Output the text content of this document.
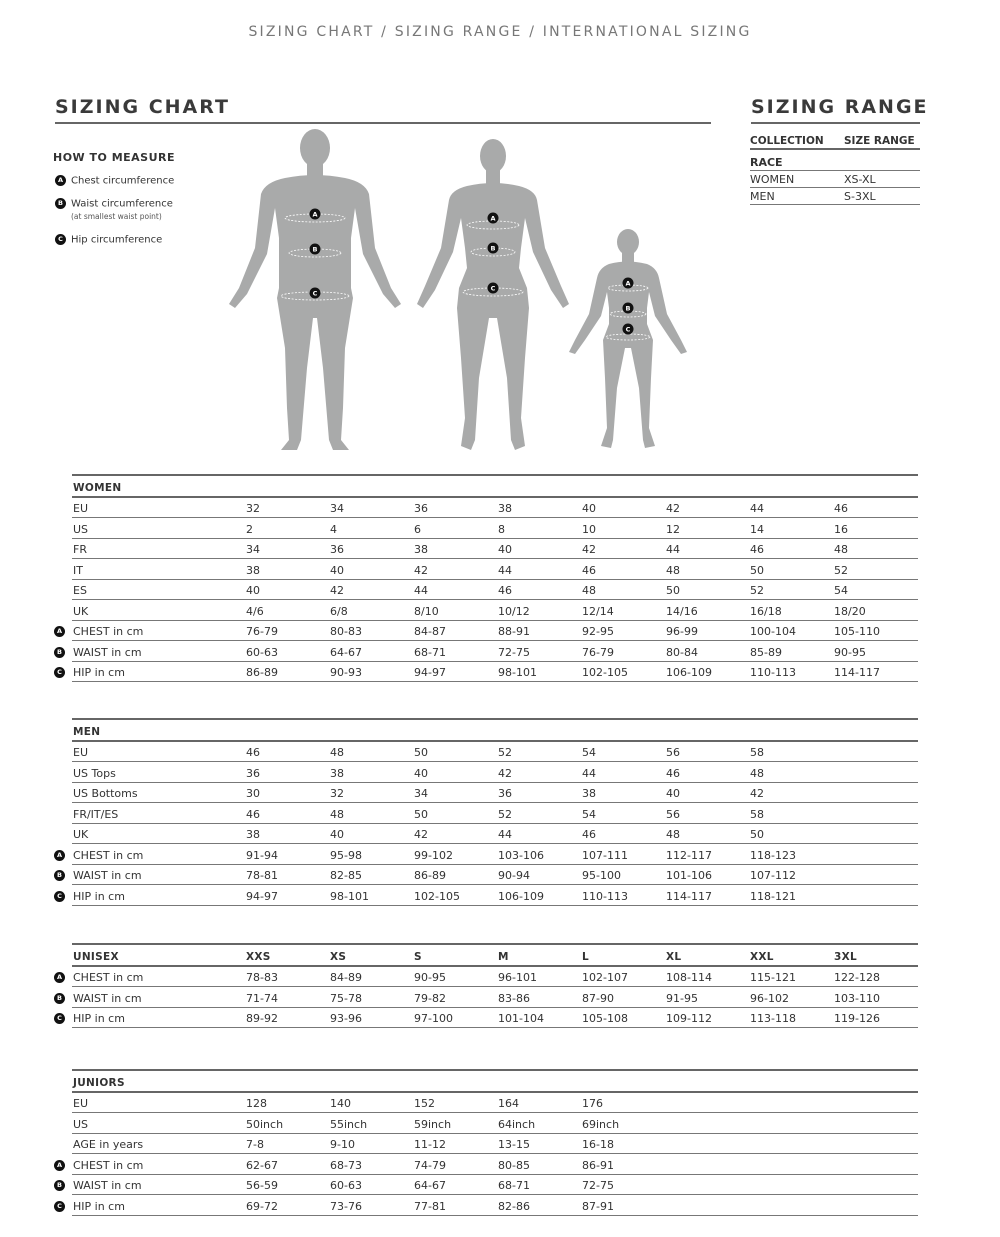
SIZING CHART / SIZING RANGE / INTERNATIONAL SIZING
SIZING CHART
HOW TO MEASURE
A Chest circumference
B Waist circumference
(at smallest waist point)
C Hip circumference
SIZING RANGE
COLLECTION SIZE RANGE
RACE
WOMEN	XS-XL
MEN	S-3XL
A
B
C
A
B
C
A
B
C
WOMEN
EU	32	34	36	38	40	42	44	46
US	2	4	6	8	10	12	14	16
FR	34	36	38	40	42	44	46	48
IT	38	40	42	44	46	48	50	52
ES	40	42	44	46	48	50	52	54
UK	4/6	6/8	8/10	10/12	12/14	14/16	16/18	18/20
A CHEST in cm	76-79	80-83	84-87	88-91	92-95	96-99	100-104	105-110
B WAIST in cm	60-63	64-67	68-71	72-75	76-79	80-84	85-89	90-95
C HIP in cm	86-89	90-93	94-97	98-101	102-105	106-109	110-113	114-117
MEN
EU	46	48	50	52	54	56	58
US Tops	36	38	40	42	44	46	48
US Bottoms	30	32	34	36	38	40	42
FR/IT/ES	46	48	50	52	54	56	58
UK	38	40	42	44	46	48	50
A CHEST in cm	91-94	95-98	99-102	103-106	107-111	112-117	118-123
B WAIST in cm	78-81	82-85	86-89	90-94	95-100	101-106	107-112
C HIP in cm	94-97	98-101	102-105	106-109	110-113	114-117	118-121
UNISEX	XXS	XS	S	M	L	XL	XXL	3XL
A CHEST in cm	78-83	84-89	90-95	96-101	102-107	108-114	115-121	122-128
B WAIST in cm	71-74	75-78	79-82	83-86	87-90	91-95	96-102	103-110
C HIP in cm	89-92	93-96	97-100	101-104	105-108	109-112	113-118	119-126
JUNIORS
EU	128	140	152	164	176
US	50inch	55inch	59inch	64inch	69inch
AGE in years	7-8	9-10	11-12	13-15	16-18
A CHEST in cm	62-67	68-73	74-79	80-85	86-91
B WAIST in cm	56-59	60-63	64-67	68-71	72-75
C HIP in cm	69-72	73-76	77-81	82-86	87-91
